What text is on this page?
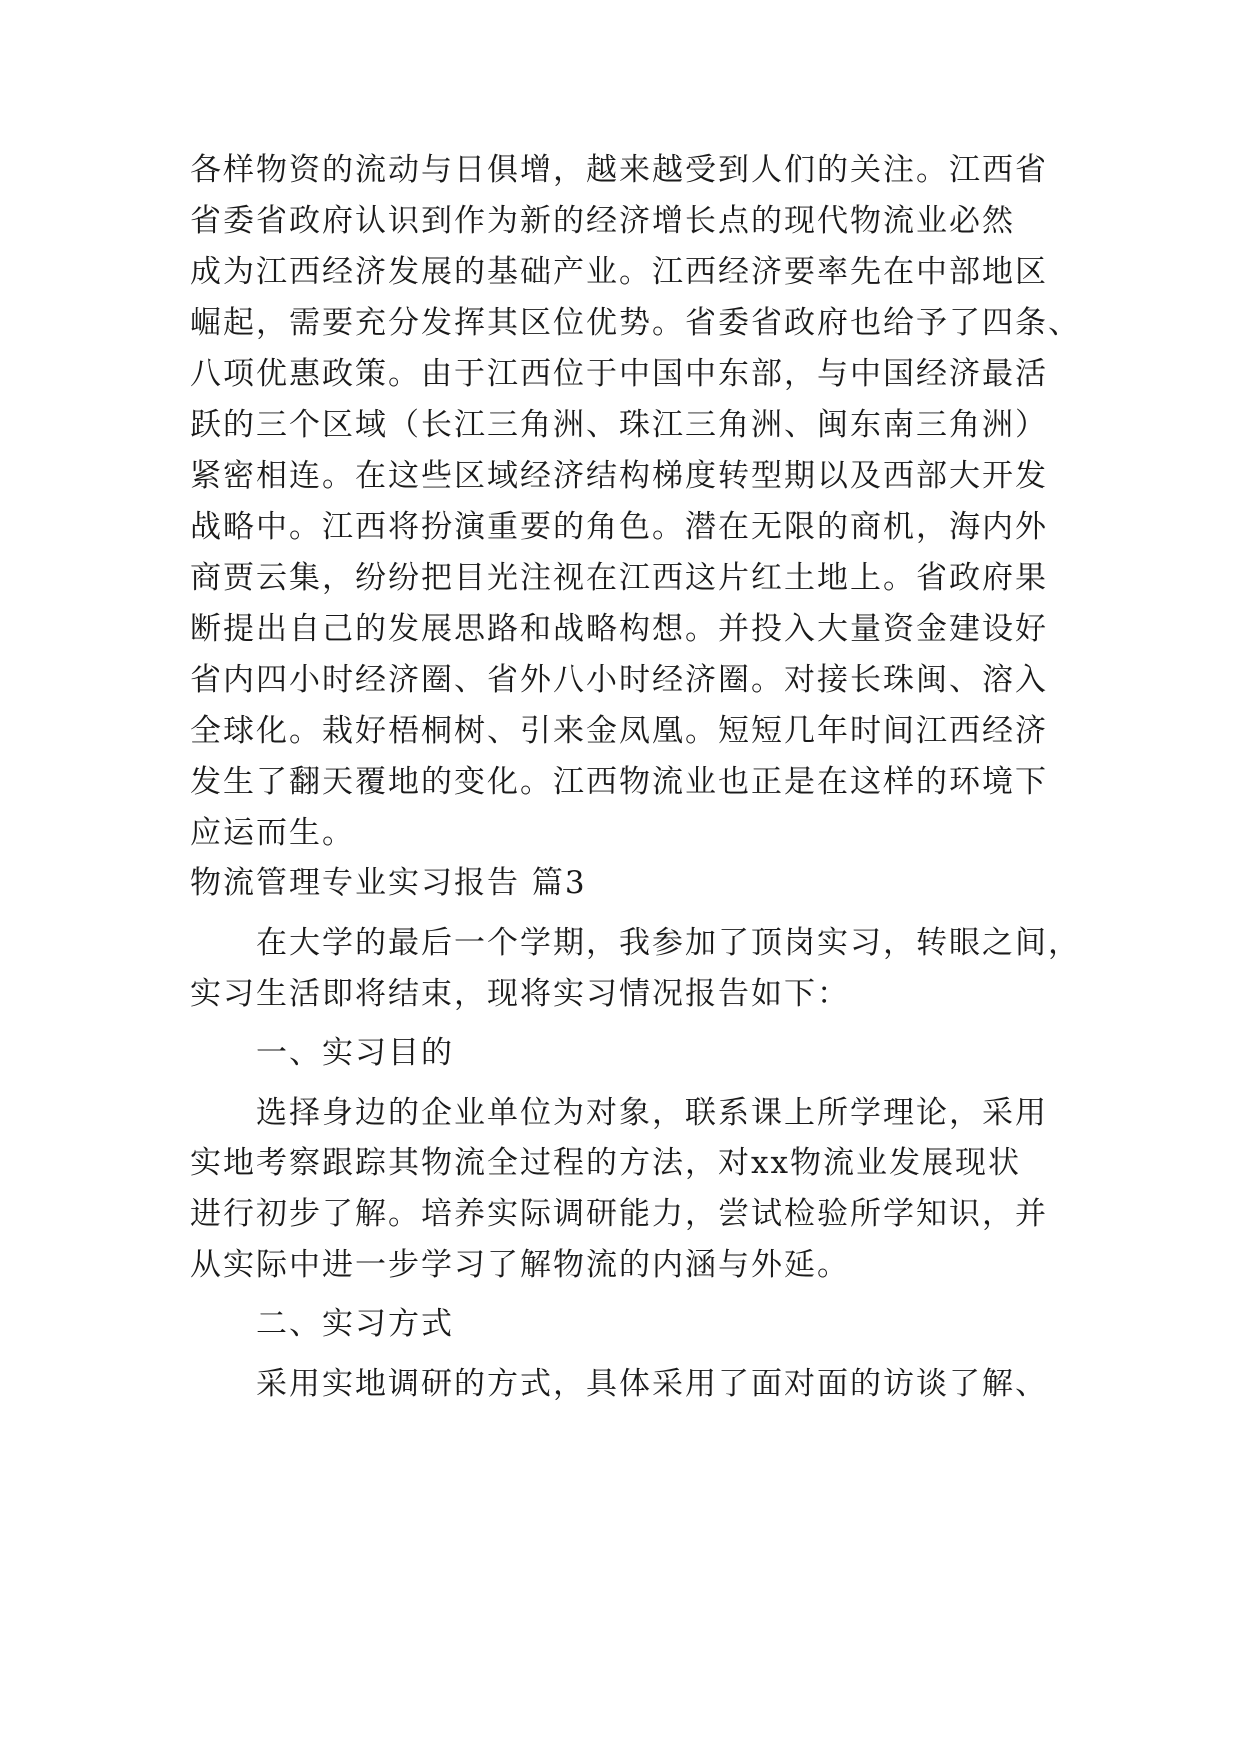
各样物资的流动与日俱增，越来越受到人们的关注。江西省
省委省政府认识到作为新的经济增长点的现代物流业必然
成为江西经济发展的基础产业。江西经济要率先在中部地区
崛起，需要充分发挥其区位优势。省委省政府也给予了四条、
八项优惠政策。由于江西位于中国中东部，与中国经济最活
跃的三个区域（长江三角洲、珠江三角洲、闽东南三角洲）
紧密相连。在这些区域经济结构梯度转型期以及西部大开发
战略中。江西将扮演重要的角色。潜在无限的商机，海内外
商贾云集，纷纷把目光注视在江西这片红土地上。省政府果
断提出自己的发展思路和战略构想。并投入大量资金建设好
省内四小时经济圈、省外八小时经济圈。对接长珠闽、溶入
全球化。栽好梧桐树、引来金凤凰。短短几年时间江西经济
发生了翻天覆地的变化。江西物流业也正是在这样的环境下
应运而生。
物流管理专业实习报告 篇3
在大学的最后一个学期，我参加了顶岗实习，转眼之间，
实习生活即将结束，现将实习情况报告如下：
一、实习目的
选择身边的企业单位为对象，联系课上所学理论，采用
实地考察跟踪其物流全过程的方法，对xx物流业发展现状
进行初步了解。培养实际调研能力，尝试检验所学知识，并
从实际中进一步学习了解物流的内涵与外延。
二、实习方式
采用实地调研的方式，具体采用了面对面的访谈了解、
